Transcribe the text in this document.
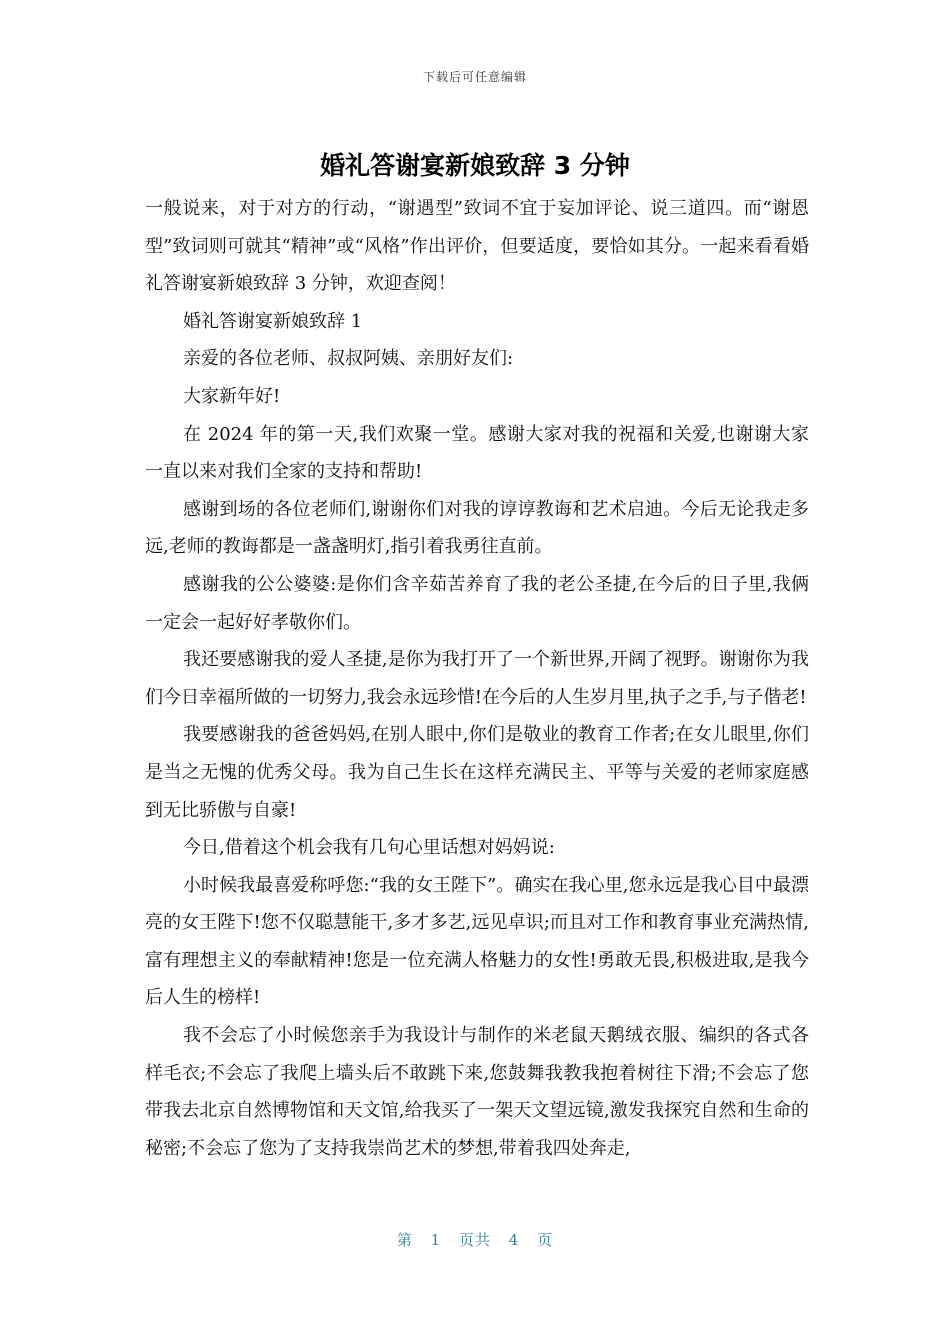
下载后可任意编辑
婚礼答谢宴新娘致辞 3 分钟

一般说来，对于对方的行动，“谢遇型”致词不宜于妄加评论、说三道四。而“谢恩型”致词则可就其“精神”或“风格”作出评价，但要适度，要恰如其分。一起来看看婚礼答谢宴新娘致辞 3 分钟，欢迎查阅！

婚礼答谢宴新娘致辞 1

亲爱的各位老师、叔叔阿姨、亲朋好友们:

大家新年好!

在 2024 年的第一天,我们欢聚一堂。感谢大家对我的祝福和关爱,也谢谢大家一直以来对我们全家的支持和帮助!

感谢到场的各位老师们,谢谢你们对我的谆谆教诲和艺术启迪。今后无论我走多远,老师的教诲都是一盏盏明灯,指引着我勇往直前。

感谢我的公公婆婆:是你们含辛茹苦养育了我的老公圣捷,在今后的日子里,我俩一定会一起好好孝敬你们。

我还要感谢我的爱人圣捷,是你为我打开了一个新世界,开阔了视野。谢谢你为我们今日幸福所做的一切努力,我会永远珍惜!在今后的人生岁月里,执子之手,与子偕老!

我要感谢我的爸爸妈妈,在别人眼中,你们是敬业的教育工作者;在女儿眼里,你们是当之无愧的优秀父母。我为自己生长在这样充满民主、平等与关爱的老师家庭感到无比骄傲与自豪!

今日,借着这个机会我有几句心里话想对妈妈说:

小时候我最喜爱称呼您:“我的女王陛下”。确实在我心里,您永远是我心目中最漂亮的女王陛下!您不仅聪慧能干,多才多艺,远见卓识;而且对工作和教育事业充满热情,富有理想主义的奉献精神!您是一位充满人格魅力的女性!勇敢无畏,积极进取,是我今后人生的榜样!

我不会忘了小时候您亲手为我设计与制作的米老鼠天鹅绒衣服、编织的各式各样毛衣;不会忘了我爬上墙头后不敢跳下来,您鼓舞我教我抱着树往下滑;不会忘了您带我去北京自然博物馆和天文馆,给我买了一架天文望远镜,激发我探究自然和生命的秘密;不会忘了您为了支持我崇尚艺术的梦想,带着我四处奔走,

第 1 页共 4 页
